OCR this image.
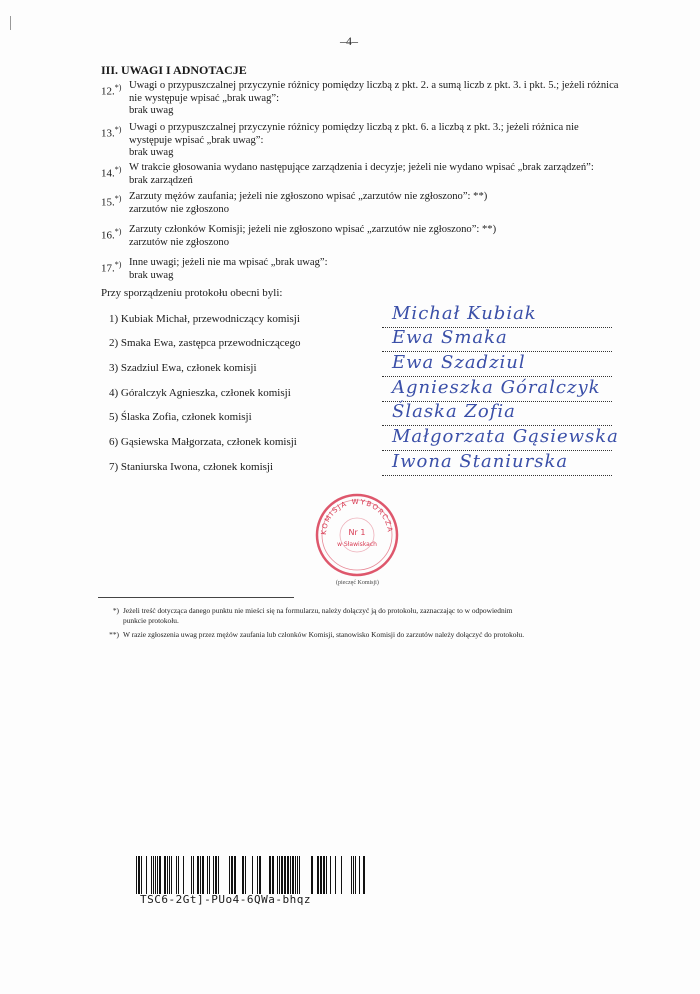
–4–
III. UWAGI I ADNOTACJE
12.*) Uwagi o przypuszczalnej przyczynie różnicy pomiędzy liczbą z pkt. 2. a sumą liczb z pkt. 3. i pkt. 5.; jeżeli różnica nie występuje wpisać „brak uwag”:
brak uwag
13.*) Uwagi o przypuszczalnej przyczynie różnicy pomiędzy liczbą z pkt. 6. a liczbą z pkt. 3.; jeżeli różnica nie występuje wpisać „brak uwag”:
brak uwag
14.*) W trakcie głosowania wydano następujące zarządzenia i decyzje; jeżeli nie wydano wpisać „brak zarządzeń”:
brak zarządzeń
15.*) Zarzuty mężów zaufania; jeżeli nie zgłoszono wpisać „zarzutów nie zgłoszono”: **)
zarzutów nie zgłoszono
16.*) Zarzuty członków Komisji; jeżeli nie zgłoszono wpisać „zarzutów nie zgłoszono”: **)
zarzutów nie zgłoszono
17.*) Inne uwagi; jeżeli nie ma wpisać „brak uwag”:
brak uwag
Przy sporządzeniu protokołu obecni byli:
1) Kubiak Michał, przewodniczący komisji	Michał Kubiak
2) Smaka Ewa, zastępca przewodniczącego	Ewa Smaka
3) Szadziul Ewa, członek komisji	Ewa Szadziul
4) Góralczyk Agnieszka, członek komisji	Agnieszka Góralczyk
5) Ślaska Zofia, członek komisji	Ślaska Zofia
6) Gąsiewska Małgorzata, członek komisji	Małgorzata Gąsiewska
7) Staniurska Iwona, członek komisji	Iwona Staniurska
KOMISJA WYBORCZA
Nr 1
w Sławiskach
(pieczęć Komisji)
*) Jeżeli treść dotycząca danego punktu nie mieści się na formularzu, należy dołączyć ją do protokołu, zaznaczając to w odpowiednim
punkcie protokołu.
**) W razie zgłoszenia uwag przez mężów zaufania lub członków Komisji, stanowisko Komisji do zarzutów należy dołączyć do protokołu.
TSC6-2Gt]-PUo4-6QWa-bhqz
